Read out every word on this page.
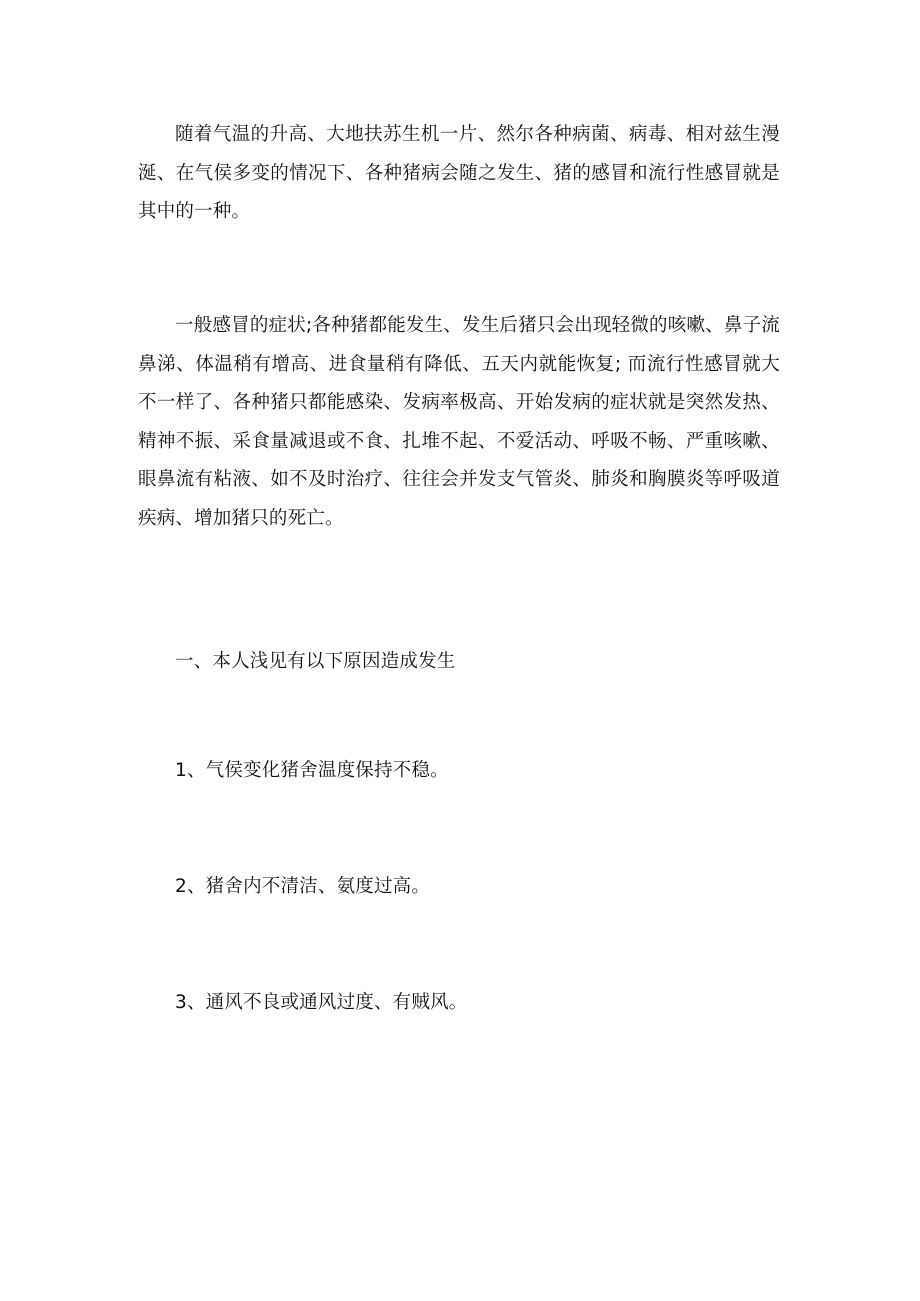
随着气温的升高、大地扶苏生机一片、然尔各种病菌、病毒、相对兹生漫涎、在气侯多变的情况下、各种猪病会随之发生、猪的感冒和流行性感冒就是其中的一种。

一般感冒的症状;各种猪都能发生、发生后猪只会出现轻微的咳嗽、鼻子流鼻涕、体温稍有增高、进食量稍有降低、五天内就能恢复; 而流行性感冒就大不一样了、各种猪只都能感染、发病率极高、开始发病的症状就是突然发热、精神不振、采食量减退或不食、扎堆不起、不爱活动、呼吸不畅、严重咳嗽、眼鼻流有粘液、如不及时治疗、往往会并发支气管炎、肺炎和胸膜炎等呼吸道疾病、增加猪只的死亡。

一、本人浅见有以下原因造成发生

1、气侯变化猪舍温度保持不稳。

2、猪舍内不清洁、氨度过高。

3、通风不良或通风过度、有贼风。
